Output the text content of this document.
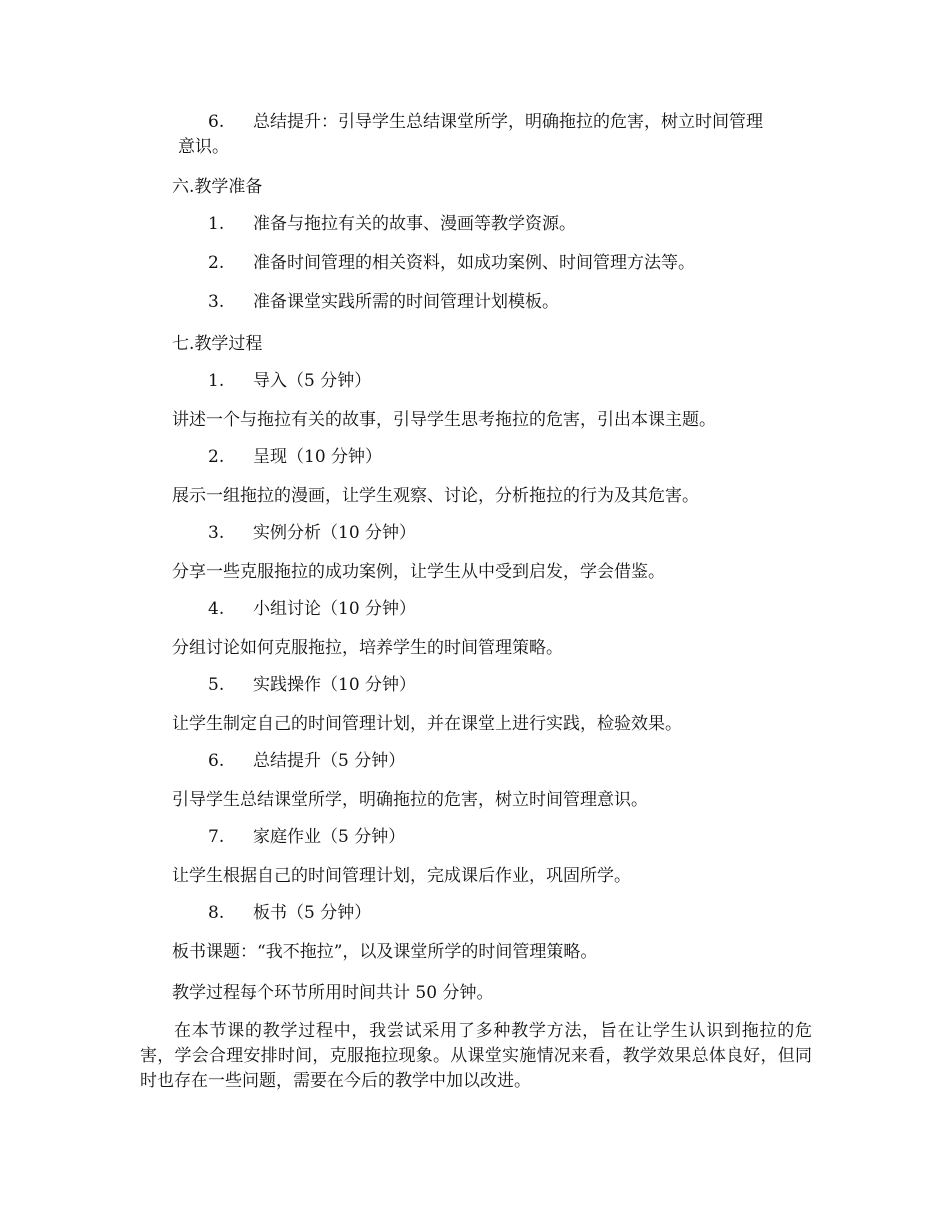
6. 总结提升：引导学生总结课堂所学，明确拖拉的危害，树立时间管理
意识。
六.教学准备
1. 准备与拖拉有关的故事、漫画等教学资源。
2. 准备时间管理的相关资料，如成功案例、时间管理方法等。
3. 准备课堂实践所需的时间管理计划模板。
七.教学过程
1. 导入（5 分钟）
讲述一个与拖拉有关的故事，引导学生思考拖拉的危害，引出本课主题。
2. 呈现（10 分钟）
展示一组拖拉的漫画，让学生观察、讨论，分析拖拉的行为及其危害。
3. 实例分析（10 分钟）
分享一些克服拖拉的成功案例，让学生从中受到启发，学会借鉴。
4. 小组讨论（10 分钟）
分组讨论如何克服拖拉，培养学生的时间管理策略。
5. 实践操作（10 分钟）
让学生制定自己的时间管理计划，并在课堂上进行实践，检验效果。
6. 总结提升（5 分钟）
引导学生总结课堂所学，明确拖拉的危害，树立时间管理意识。
7. 家庭作业（5 分钟）
让学生根据自己的时间管理计划，完成课后作业，巩固所学。
8. 板书（5 分钟）
板书课题：“我不拖拉”，以及课堂所学的时间管理策略。
教学过程每个环节所用时间共计 50 分钟。
在本节课的教学过程中，我尝试采用了多种教学方法，旨在让学生认识到拖拉的危害，学会合理安排时间，克服拖拉现象。从课堂实施情况来看，教学效果总体良好，但同时也存在一些问题，需要在今后的教学中加以改进。
